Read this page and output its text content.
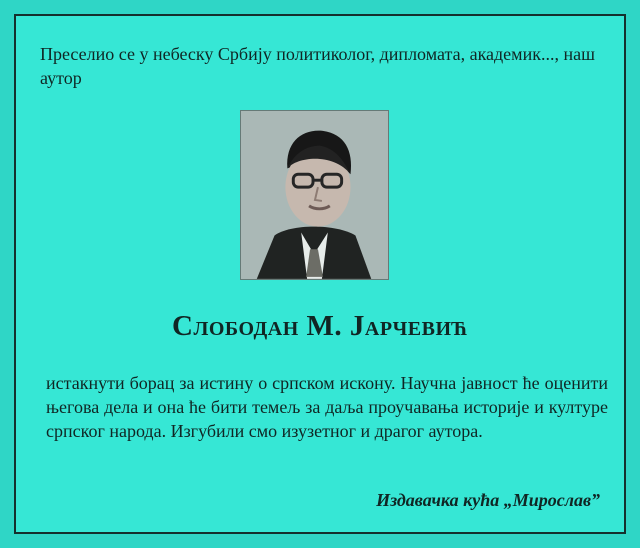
Преселио се у небеску Србију политиколог, дипломата, академик..., наш аутор

Слободан М. Јарчевић

истакнути борац за истину о српском искону. Научна јавност ће оценити његова дела и она ће бити темељ за даља проучавања историје и културе српског народа. Изгубили смо изузетног и драгог аутора.

Издавачка кућа „Мирослав”
